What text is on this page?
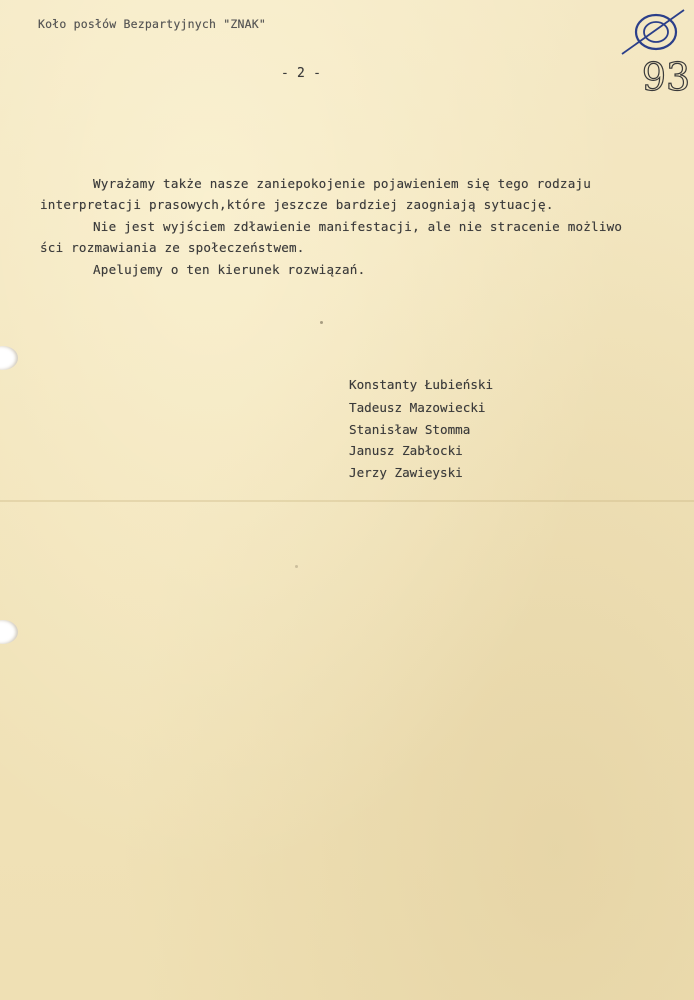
Koło posłów Bezpartyjnych "ZNAK"
- 2 -
Wyrażamy także nasze zaniepokojenie pojawieniem się tego rodzaju
interpretacji prasowych,które jeszcze bardziej zaogniają sytuację.
Nie jest wyjściem zdławienie manifestacji, ale nie stracenie możliwo
ści rozmawiania ze społeczeństwem.
Apelujemy o ten kierunek rozwiązań.
Konstanty Łubieński
Tadeusz Mazowiecki
Stanisław Stomma
Janusz Zabłocki
Jerzy Zawieyski
93
